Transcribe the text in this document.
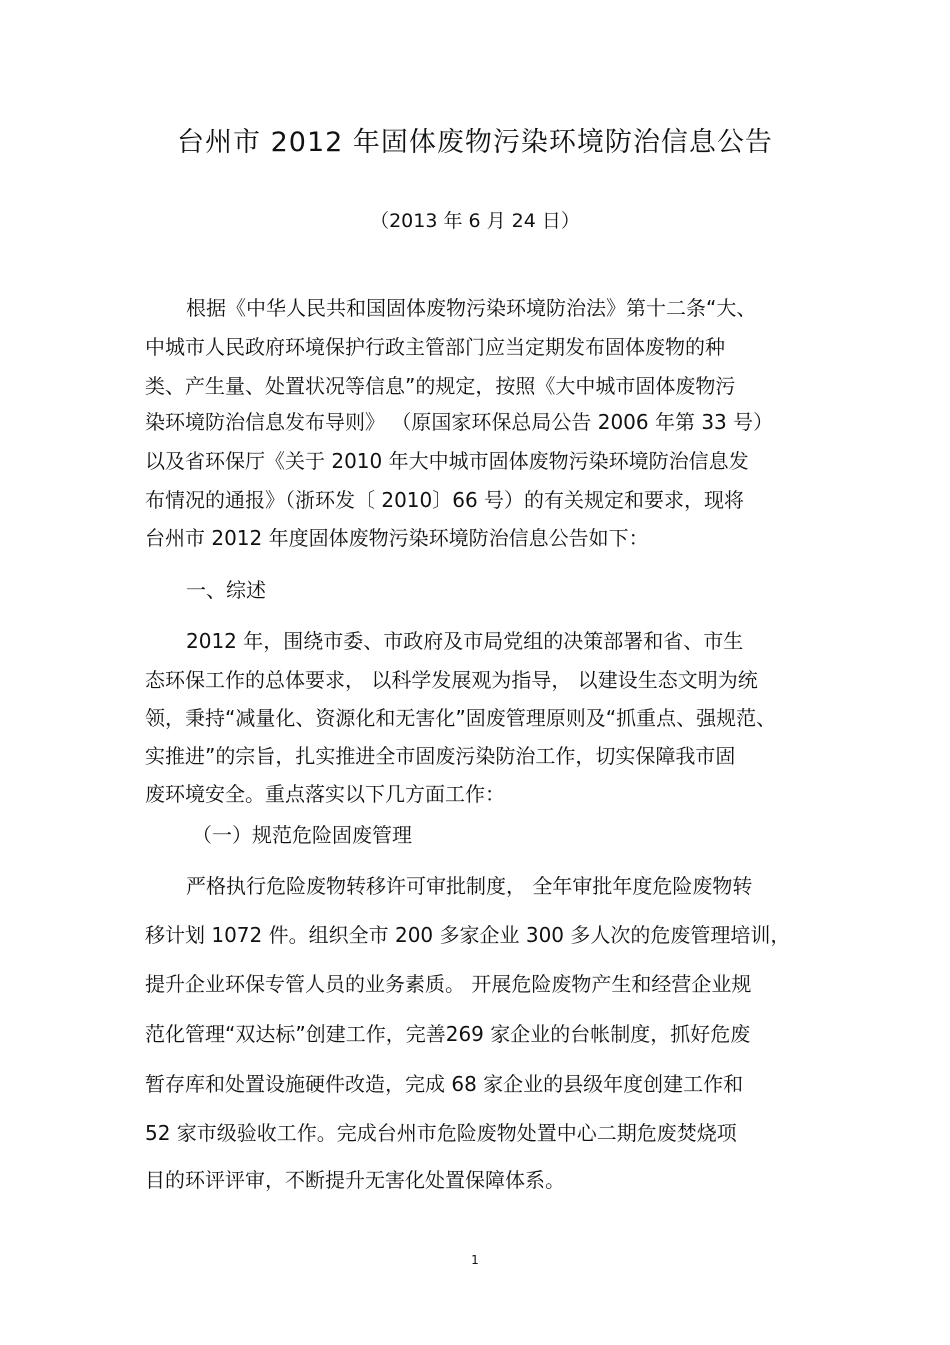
台州市 2012 年固体废物污染环境防治信息公告
（2013 年 6 月 24 日）
根据《中华人民共和国固体废物污染环境防治法》第十二条“大、
中城市人民政府环境保护行政主管部门应当定期发布固体废物的种
类、产生量、处置状况等信息”的规定，按照《大中城市固体废物污
染环境防治信息发布导则》 （原国家环保总局公告 2006 年第 33 号）
以及省环保厅《关于 2010 年大中城市固体废物污染环境防治信息发
布情况的通报》（浙环发〔 2010〕66 号）的有关规定和要求，现将
台州市 2012 年度固体废物污染环境防治信息公告如下：
一、综述
2012 年，围绕市委、市政府及市局党组的决策部署和省、市生
态环保工作的总体要求， 以科学发展观为指导， 以建设生态文明为统
领，秉持“减量化、资源化和无害化”固废管理原则及“抓重点、强规范、
实推进”的宗旨，扎实推进全市固废污染防治工作，切实保障我市固
废环境安全。重点落实以下几方面工作：
（一）规范危险固废管理
严格执行危险废物转移许可审批制度， 全年审批年度危险废物转
移计划 1072 件。组织全市 200 多家企业 300 多人次的危废管理培训，
提升企业环保专管人员的业务素质。 开展危险废物产生和经营企业规
范化管理“双达标”创建工作，完善269 家企业的台帐制度，抓好危废
暂存库和处置设施硬件改造，完成 68 家企业的县级年度创建工作和
52 家市级验收工作。完成台州市危险废物处置中心二期危废焚烧项
目的环评评审，不断提升无害化处置保障体系。
1
